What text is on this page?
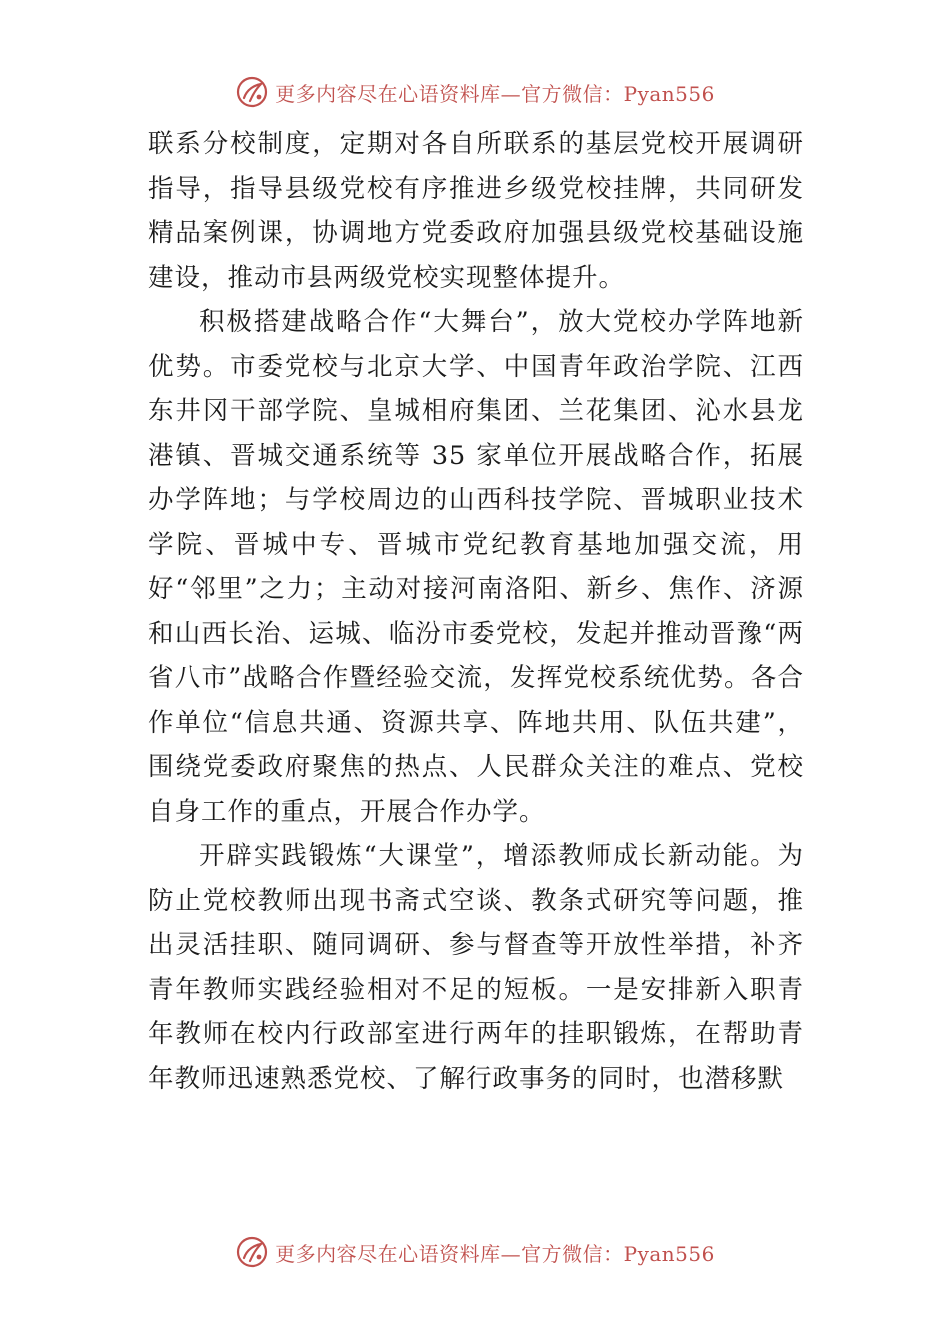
更多内容尽在心语资料库—官方微信：Pyan556

联系分校制度，定期对各自所联系的基层党校开展调研指导，指导县级党校有序推进乡级党校挂牌，共同研发精品案例课，协调地方党委政府加强县级党校基础设施建设，推动市县两级党校实现整体提升。

积极搭建战略合作“大舞台”，放大党校办学阵地新优势。市委党校与北京大学、中国青年政治学院、江西东井冈干部学院、皇城相府集团、兰花集团、沁水县龙港镇、晋城交通系统等 35 家单位开展战略合作，拓展办学阵地；与学校周边的山西科技学院、晋城职业技术学院、晋城中专、晋城市党纪教育基地加强交流，用好“邻里”之力；主动对接河南洛阳、新乡、焦作、济源和山西长治、运城、临汾市委党校，发起并推动晋豫“两省八市”战略合作暨经验交流，发挥党校系统优势。各合作单位“信息共通、资源共享、阵地共用、队伍共建”，围绕党委政府聚焦的热点、人民群众关注的难点、党校自身工作的重点，开展合作办学。

开辟实践锻炼“大课堂”，增添教师成长新动能。为防止党校教师出现书斋式空谈、教条式研究等问题，推出灵活挂职、随同调研、参与督查等开放性举措，补齐青年教师实践经验相对不足的短板。一是安排新入职青年教师在校内行政部室进行两年的挂职锻炼，在帮助青年教师迅速熟悉党校、了解行政事务的同时，也潜移默

更多内容尽在心语资料库—官方微信：Pyan556
